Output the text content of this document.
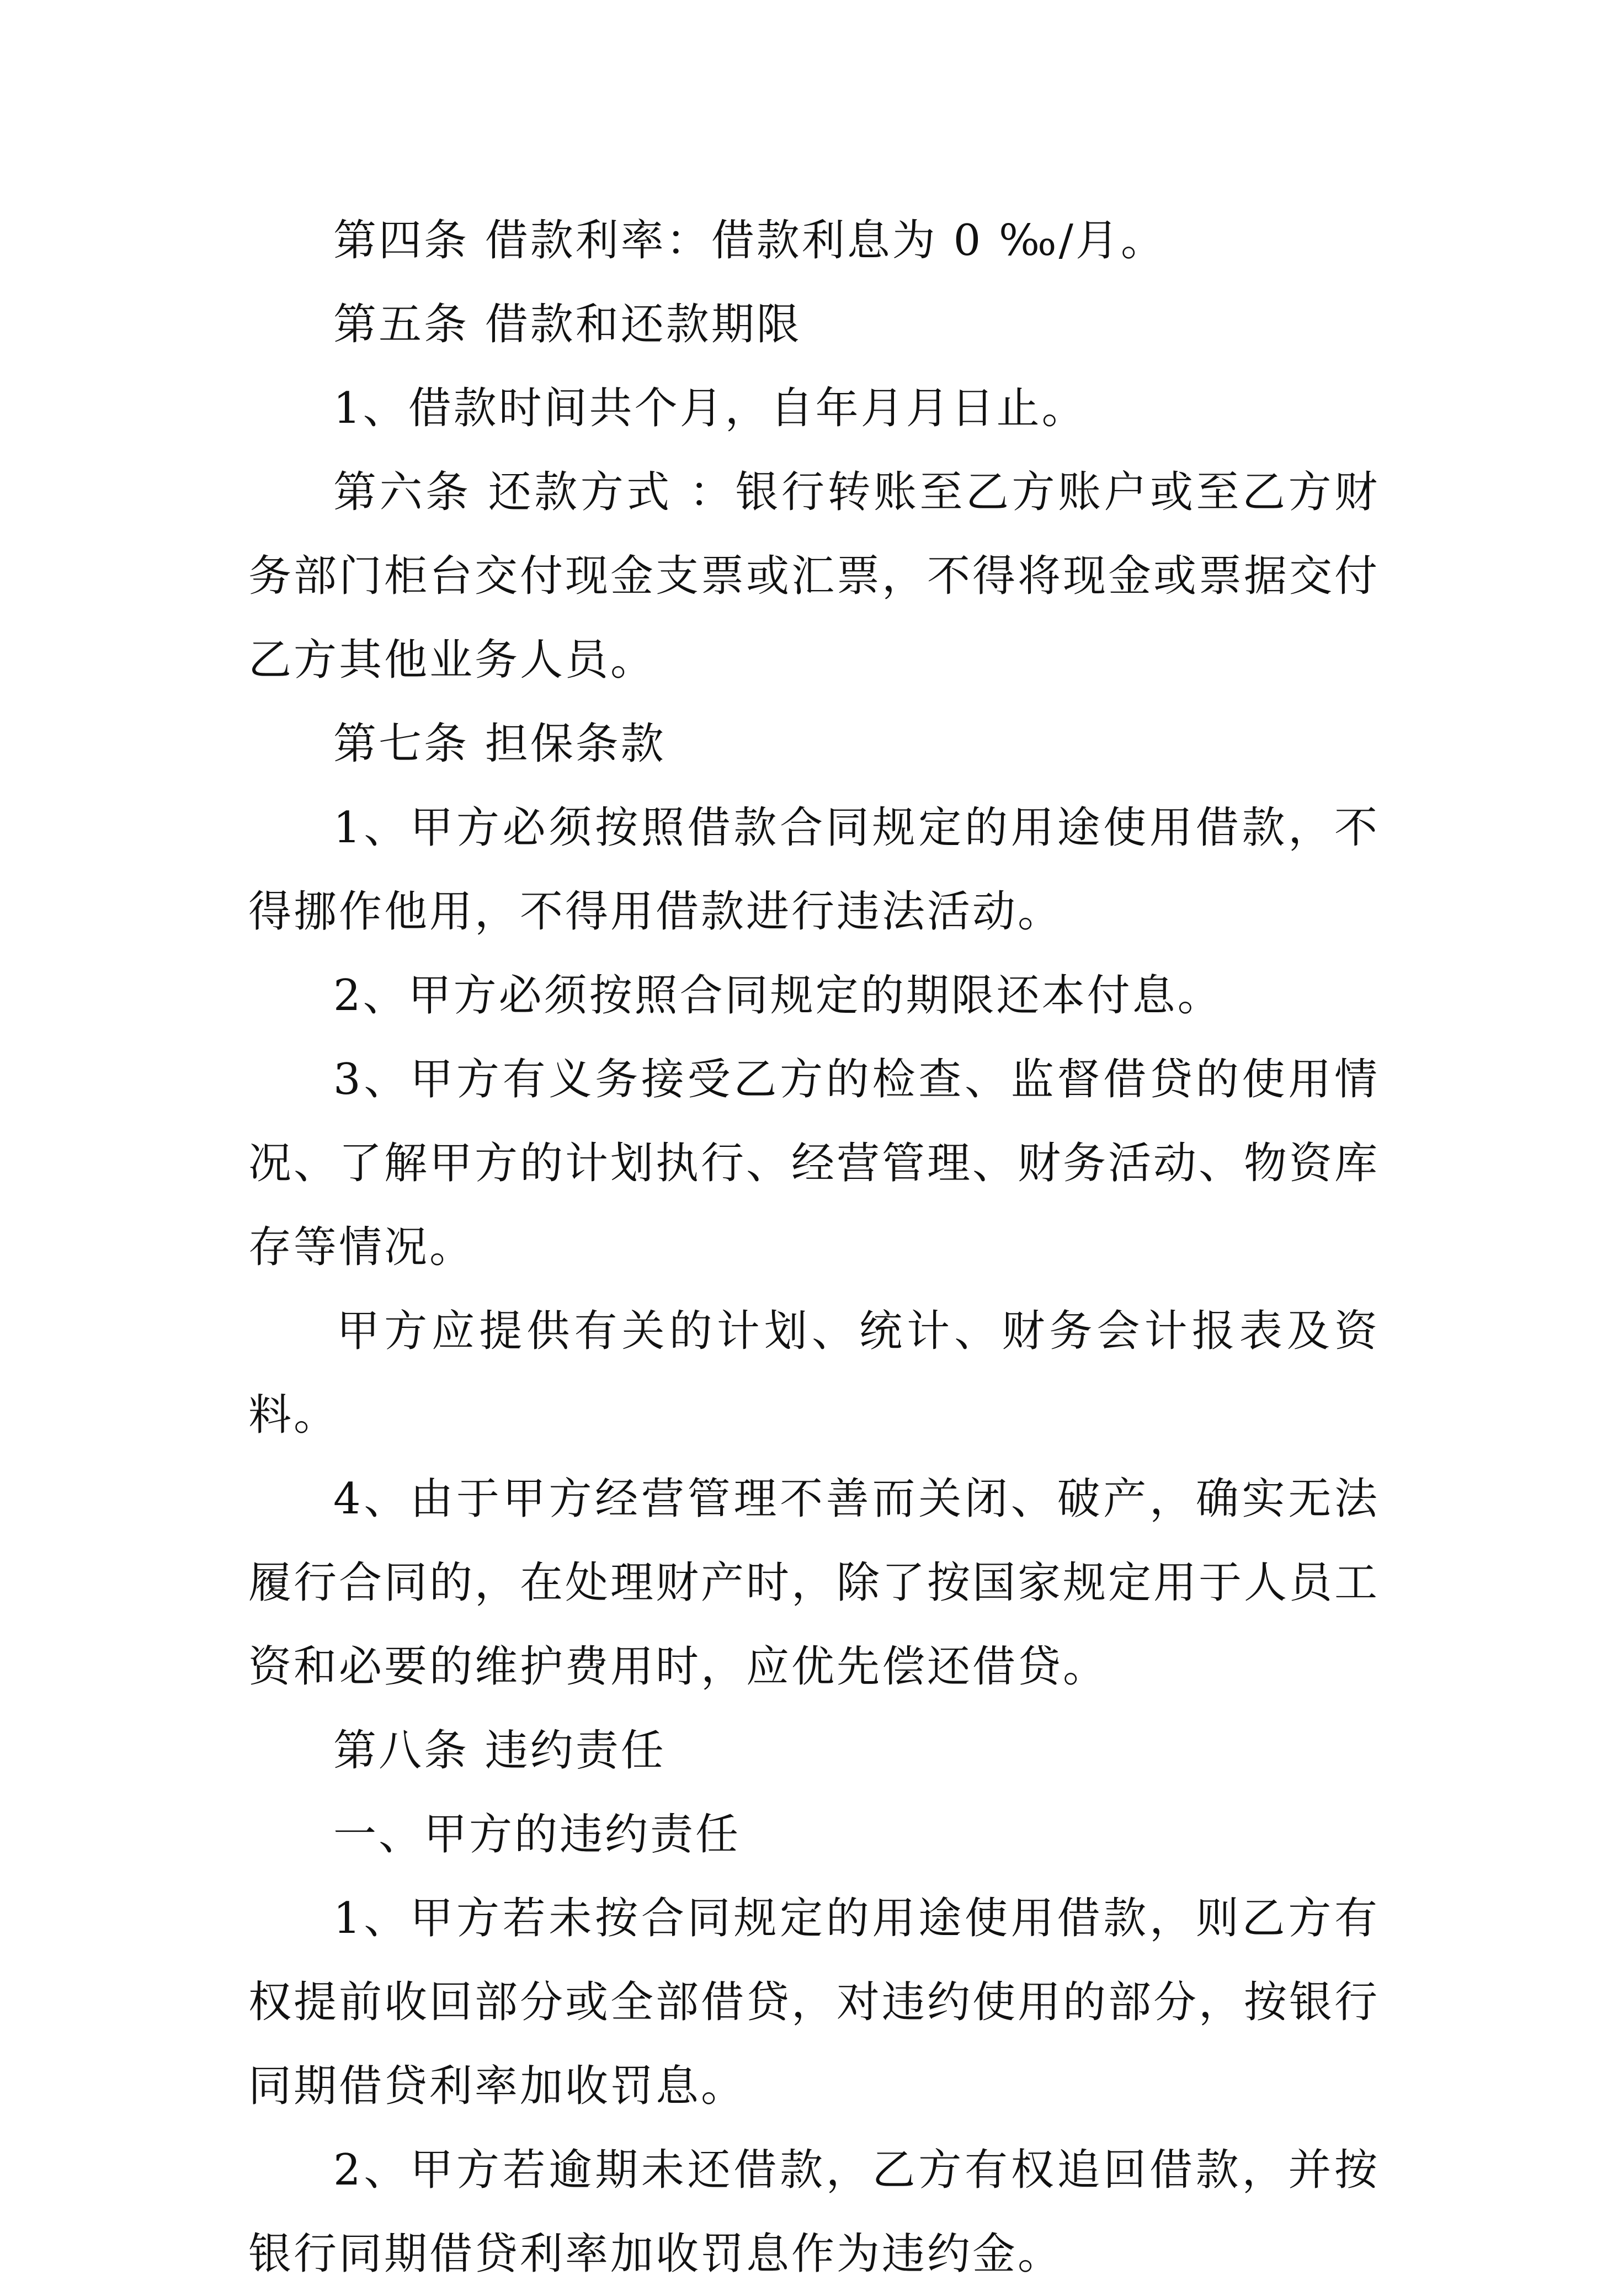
第四条 借款利率：借款利息为 0 ‰/月。

第五条 借款和还款期限

1、借款时间共个月，自年月月日止。

第六条 还款方式 ：银行转账至乙方账户或至乙方财务部门柜台交付现金支票或汇票，不得将现金或票据交付乙方其他业务人员。

第七条 担保条款

1、甲方必须按照借款合同规定的用途使用借款，不得挪作他用，不得用借款进行违法活动。

2、甲方必须按照合同规定的期限还本付息。

3、甲方有义务接受乙方的检查、监督借贷的使用情况、了解甲方的计划执行、经营管理、财务活动、物资库存等情况。

甲方应提供有关的计划、统计、财务会计报表及资料。

4、由于甲方经营管理不善而关闭、破产，确实无法履行合同的，在处理财产时，除了按国家规定用于人员工资和必要的维护费用时，应优先偿还借贷。

第八条 违约责任

一、甲方的违约责任

1、甲方若未按合同规定的用途使用借款，则乙方有权提前收回部分或全部借贷，对违约使用的部分，按银行同期借贷利率加收罚息。

2、甲方若逾期未还借款，乙方有权追回借款，并按银行同期借贷利率加收罚息作为违约金。
